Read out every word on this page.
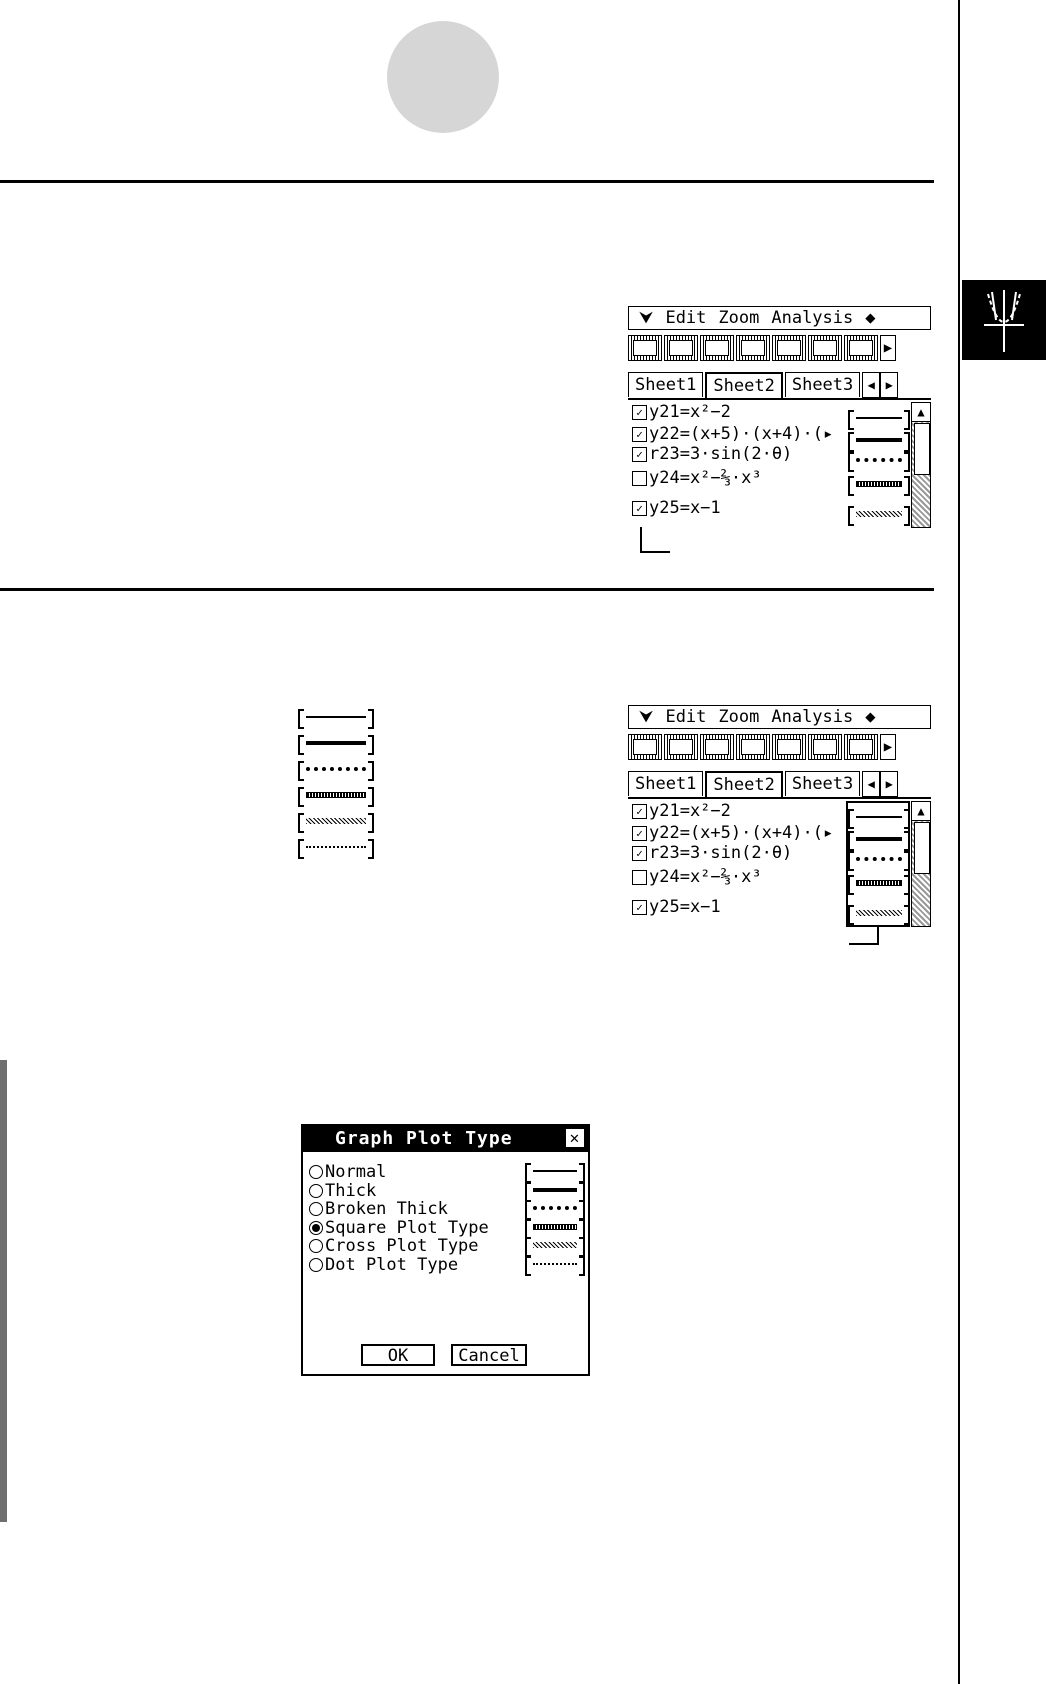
⮟ Edit Zoom Analysis ◆
▶
Sheet1	Sheet2	Sheet3	◀ ▶
✓ y21=x²−2
✓ y22=(x+5)·(x+4)·(▸
✓ r23=3·sin(2·θ)
y24=x²−⅔·x³
✓ y25=x−1
▲
⮟ Edit Zoom Analysis ◆
▶
Sheet1	Sheet2	Sheet3	◀ ▶
✓ y21=x²−2
✓ y22=(x+5)·(x+4)·(▸
✓ r23=3·sin(2·θ)
y24=x²−⅔·x³
✓ y25=x−1
▲
Graph Plot Type	✕
Normal
Thick
Broken Thick
Square Plot Type
Cross Plot Type
Dot Plot Type
OK	Cancel
